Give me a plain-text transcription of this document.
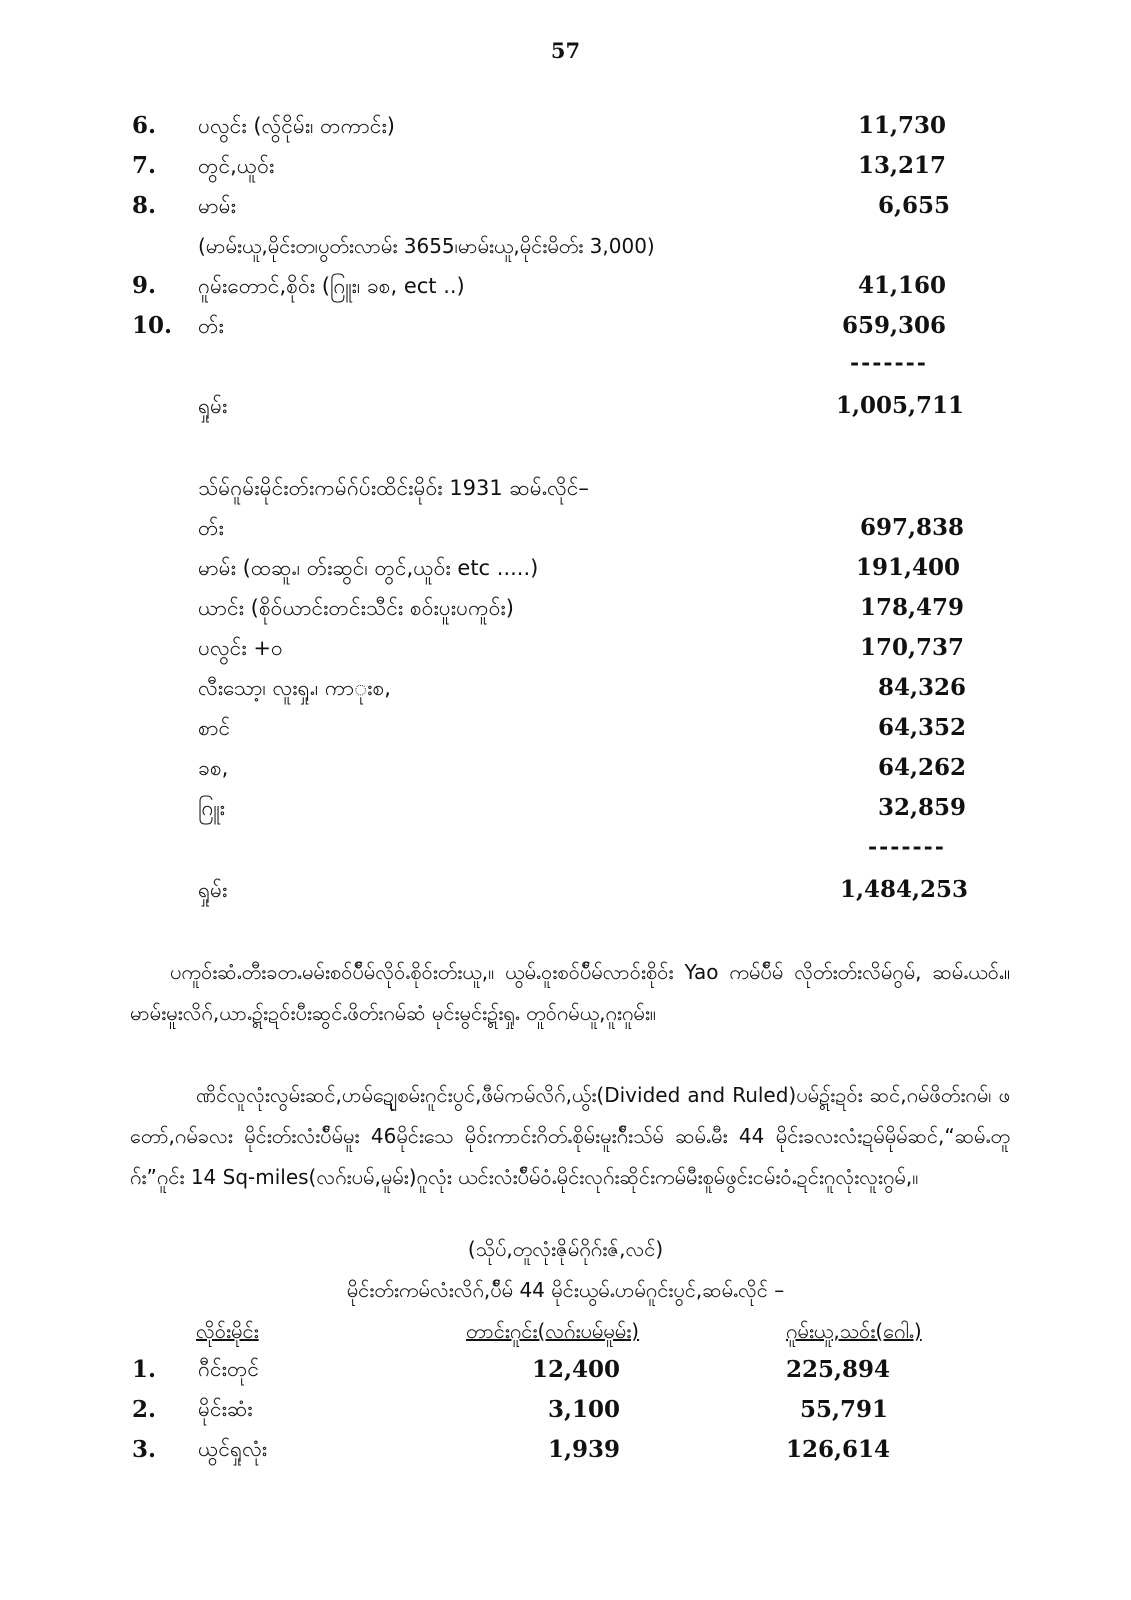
57
6. ပလွင်း (လွ်ငိုမ်း၊ တကာင်း)	11,730
7. တွင်,ယူဝ်း	13,217
8. မာမ်း	6,655
(မာမ်းယူ,မိုင်းတ၊ပွတ်းလာမ်း 3655၊မာမ်းယူ,မိုင်းမိတ်း 3,000)
9. ဂူမ်းတောင်,စိုဝ်း (ဂြူး၊ ခစ, ect ..)	41,160
10. တ်း	659,306
-------
ရှုမ်း	1,005,711
သ်မ်ဂူမ်းမိုင်းတ်းကမ်ဂ်ပ်းထိင်းမိုဝ်း 1931 ဆမ်ႉလိုင်–
တ်း	697,838
မာမ်း (ထဆူႉ၊ တ်းဆွင်၊ တွင်,ယူဝ်း etc .....)	191,400
ယာင်း (စိုဝ်ယာင်းတင်းသီင်း စဝ်းပူးပကူဝ်း)	178,479
ပလွင်း +ဝ	170,737
လီးသော့၊ လူးရှုႉ၊ ကာုးစ,	84,326
စာင်	64,352
ခစ,	64,262
ဂြူး	32,859
-------
ရှုမ်း	1,484,253
ပကူဝ်းဆံႉတီးခတႉမမ်းစဝ်ပ်ီမ်လိုဝ်ႉစိုဝ်းတ်းယူ,။ ယွမ်ႉဝူးစဝ်ပ်ီမ်လာဝ်းစိုဝ်း Yao ကမ်ပ်ီမ် လိုတ်းတ်းလိမ်ဂွမ်, ဆမ်ႉယဝ်ႉ။ မာမ်းမူးလိဂ်,ယာႉဍွ်းဍဝ်းပီးဆွင်ႉဖိတ်းဂမ်ဆံ မုင်းမွင်းဍွ်းရှုႉ တူဝ်ဂမ်ယူ,ဂူးဂူမ်း။
ဏိင်လူလုံးလွမ်းဆင်,ပာမ်ဍျေစမ်းဂူင်းပွင်,ဖီမ်ဂာမ်လိဂ်,ယွ်း(Divided and Ruled)ပမ်ဍွ်းဍဝ်း ဆင်,ဂမ်ဖိတ်းဂမ်၊ ဖတော်,ဂမ်ခလး မိုင်းတ်းလံးပ်ီမ်မူး 46မိုင်းသေ မိုဝ်းကာင်းဂိတ်ႉစိုမ်းမူးဂ်ီးသ်မ် ဆမ်ႉမီး 44 မိုင်းခလးလံးဍမ်မိုမ်ဆင်,“ဆမ်ႉတူဂ်း”ဂူင်း 14 Sq-miles(လဂ်းပမ်,မူမ်း)ဂူလုံး ယင်းလံးပ်ီမ်ဝံႉမိုင်းလုဂ်းဆိုင်းကမ်မီးစူမ်ဖွင်းငမ်းဝံႉဍင်းဂူလုံးလူးဂွမ်,။
(သိုပ်,တူလုံးဇိုမ်ဂိုဂ်းဇ်,လင်)
မိုင်းတ်းကမ်လံးလိဂ်,ပ်ီမ် 44 မိုင်းယွမ်ႉပာမ်ဂူင်းပွင်,ဆမ်ႉလိုင် –
လိုဝ်းမိုင်း	တာင်းဂူင်း(လဂ်းပမ်မူမ်း)	ဂူမ်းယူ,သဝ်း(ဂေါႉ)
1. ဂီင်းတုင်	12,400	225,894
2. မိုင်းဆံး	3,100	55,791
3. ယွင်ရှုလုံး	1,939	126,614
